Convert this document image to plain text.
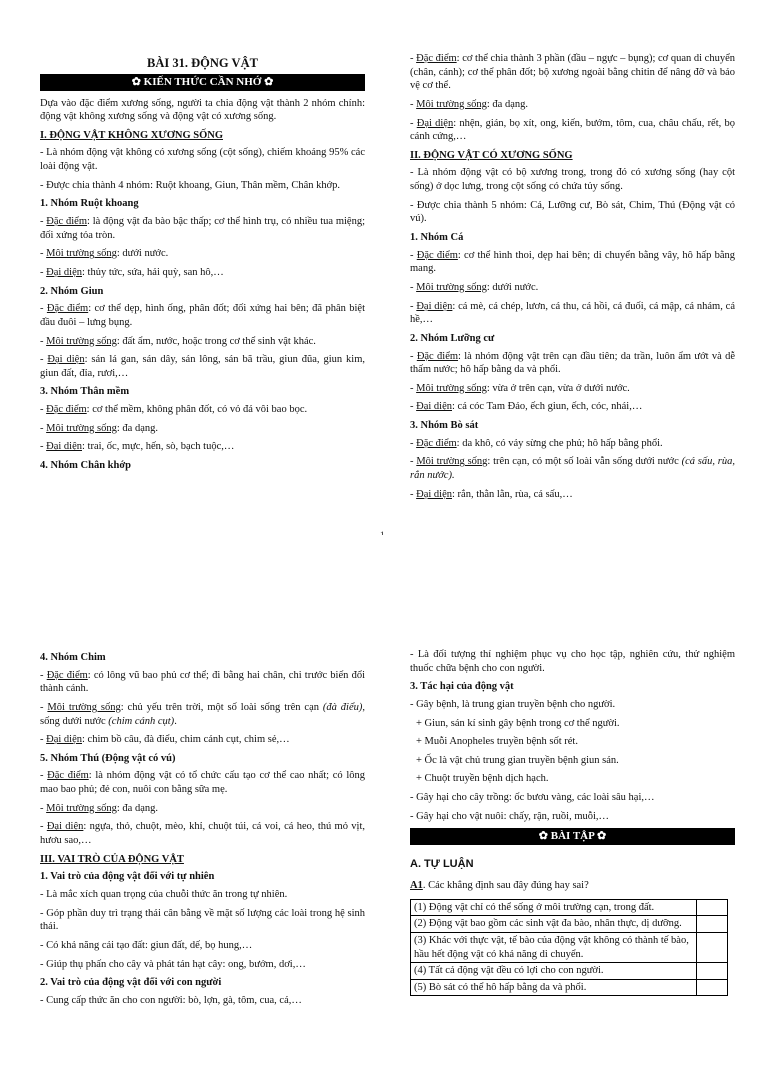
BÀI 31. ĐỘNG VẬT
✿ KIẾN THỨC CẦN NHỚ ✿

Dựa vào đặc điểm xương sống, người ta chia động vật thành 2 nhóm chính: động vật không xương sống và động vật có xương sống.

I. ĐỘNG VẬT KHÔNG XƯƠNG SỐNG

- Là nhóm động vật không có xương sống (cột sống), chiếm khoảng 95% các loài động vật.

- Được chia thành 4 nhóm: Ruột khoang, Giun, Thân mềm, Chân khớp.

1. Nhóm Ruột khoang

- Đặc điểm: là động vật đa bào bậc thấp; cơ thể hình trụ, có nhiều tua miệng; đối xứng tỏa tròn.

- Môi trường sống: dưới nước.

- Đại diện: thủy tức, sứa, hải quỳ, san hô,…

2. Nhóm Giun

- Đặc điểm: cơ thể dẹp, hình ống, phân đốt; đối xứng hai bên; đã phân biệt đầu đuôi – lưng bụng.

- Môi trường sống: đất ẩm, nước, hoặc trong cơ thể sinh vật khác.

- Đại diện: sán lá gan, sán dây, sán lông, sán bã trầu, giun đũa, giun kim, giun đất, đỉa, rươi,…

3. Nhóm Thân mềm

- Đặc điểm: cơ thể mềm, không phân đốt, có vỏ đá vôi bao bọc.

- Môi trường sống: đa dạng.

- Đại diện: trai, ốc, mực, hến, sò, bạch tuộc,…

4. Nhóm Chân khớp

- Đặc điểm: cơ thể chia thành 3 phần (đầu – ngực – bụng); cơ quan di chuyển (chân, cánh); cơ thể phân đốt; bộ xương ngoài bằng chitin để nâng đỡ và bảo vệ cơ thể.

- Môi trường sống: đa dạng.

- Đại diện: nhện, gián, bọ xít, ong, kiến, bướm, tôm, cua, châu chấu, rết, bọ cánh cứng,…

II. ĐỘNG VẬT CÓ XƯƠNG SỐNG

- Là nhóm động vật có bộ xương trong, trong đó có xương sống (hay cột sống) ở dọc lưng, trong cột sống có chứa tủy sống.

- Được chia thành 5 nhóm: Cá, Lưỡng cư, Bò sát, Chim, Thú (Động vật có vú).

1. Nhóm Cá

- Đặc điểm: cơ thể hình thoi, dẹp hai bên; di chuyển bằng vây, hô hấp bằng mang.

- Môi trường sống: dưới nước.

- Đại diện: cá mè, cá chép, lươn, cá thu, cá hồi, cá đuối, cá mập, cá nhám, cá hề,…

2. Nhóm Lưỡng cư

- Đặc điểm: là nhóm động vật trên cạn đầu tiên; da trần, luôn ẩm ướt và dễ thấm nước; hô hấp bằng da và phổi.

- Môi trường sống: vừa ở trên cạn, vừa ở dưới nước.

- Đại diện: cá cóc Tam Đảo, ếch giun, ếch, cóc, nhái,…

3. Nhóm Bò sát

- Đặc điểm: da khô, có vảy sừng che phủ; hô hấp bằng phổi.

- Môi trường sống: trên cạn, có một số loài vẫn sống dưới nước (cá sấu, rùa, rắn nước).

- Đại diện: rắn, thằn lằn, rùa, cá sấu,…

4. Nhóm Chim

- Đặc điểm: có lông vũ bao phủ cơ thể; đi bằng hai chân, chi trước biến đổi thành cánh.

- Môi trường sống: chủ yếu trên trời, một số loài sống trên cạn (đà điểu), sống dưới nước (chim cánh cụt).

- Đại diện: chim bồ câu, đà điểu, chim cánh cụt, chim sẻ,…

5. Nhóm Thú (Động vật có vú)

- Đặc điểm: là nhóm động vật có tổ chức cấu tạo cơ thể cao nhất; có lông mao bao phủ; đẻ con, nuôi con bằng sữa mẹ.

- Môi trường sống: đa dạng.

- Đại diện: ngựa, thỏ, chuột, mèo, khỉ, chuột túi, cá voi, cá heo, thú mỏ vịt, hươu sao,…

III. VAI TRÒ CỦA ĐỘNG VẬT
1. Vai trò của động vật đối với tự nhiên

- Là mắc xích quan trọng của chuỗi thức ăn trong tự nhiên.

- Góp phần duy trì trạng thái cân bằng về mặt số lượng các loài trong hệ sinh thái.

- Có khả năng cải tạo đất: giun đất, dế, bọ hung,…

- Giúp thụ phấn cho cây và phát tán hạt cây: ong, bướm, dơi,…

2. Vai trò của động vật đối với con người

- Cung cấp thức ăn cho con người: bò, lợn, gà, tôm, cua, cá,…

- Là đối tượng thí nghiệm phục vụ cho học tập, nghiên cứu, thử nghiệm thuốc chữa bệnh cho con người.

3. Tác hại của động vật

- Gây bệnh, là trung gian truyền bệnh cho người.

+ Giun, sán kí sinh gây bệnh trong cơ thể người.

+ Muỗi Anopheles truyền bệnh sốt rét.

+ Ốc là vật chủ trung gian truyền bệnh giun sán.

+ Chuột truyền bệnh dịch hạch.

- Gây hại cho cây trồng: ốc bươu vàng, các loài sâu hại,…

- Gây hại cho vật nuôi: chấy, rận, ruồi, muỗi,…

✿ BÀI TẬP ✿
A. TỰ LUẬN

A1. Các khẳng định sau đây đúng hay sai?

(1) Động vật chỉ có thể sống ở môi trường cạn, trong đất.	
(2) Động vật bao gồm các sinh vật đa bào, nhân thực, dị dưỡng.	
(3) Khác với thực vật, tế bào của động vật không có thành tế bào, hầu hết động vật có khả năng di chuyển.	
(4) Tất cả động vật đều có lợi cho con người.	
(5) Bò sát có thể hô hấp bằng da và phổi.	
